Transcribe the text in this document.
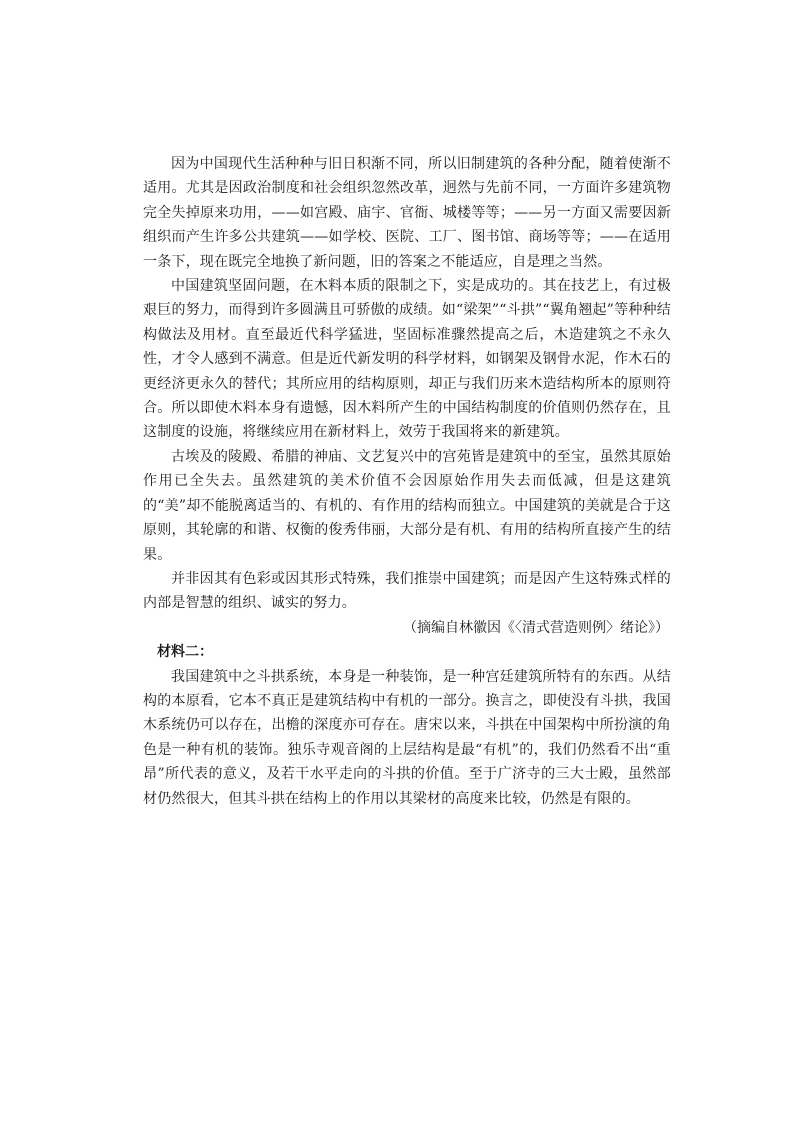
因为中国现代生活种种与旧日积渐不同，所以旧制建筑的各种分配，随着使渐不适用。尤其是因政治制度和社会组织忽然改革，迥然与先前不同，一方面许多建筑物完全失掉原来功用，——如宫殿、庙宇、官衙、城楼等等；——另一方面又需要因新组织而产生许多公共建筑——如学校、医院、工厂、图书馆、商场等等；——在适用一条下，现在既完全地换了新问题，旧的答案之不能适应，自是理之当然。

中国建筑坚固问题，在木料本质的限制之下，实是成功的。其在技艺上，有过极艰巨的努力，而得到许多圆满且可骄傲的成绩。如“梁架”“斗拱”“翼角翘起”等种种结构做法及用材。直至最近代科学猛进，坚固标准骤然提高之后，木造建筑之不永久性，才令人感到不满意。但是近代新发明的科学材料，如钢架及钢骨水泥，作木石的更经济更永久的替代；其所应用的结构原则，却正与我们历来木造结构所本的原则符合。所以即使木料本身有遗憾，因木料所产生的中国结构制度的价值则仍然存在，且这制度的设施，将继续应用在新材料上，效劳于我国将来的新建筑。

古埃及的陵殿、希腊的神庙、文艺复兴中的宫苑皆是建筑中的至宝，虽然其原始作用已全失去。虽然建筑的美术价值不会因原始作用失去而低减，但是这建筑的“美”却不能脱离适当的、有机的、有作用的结构而独立。中国建筑的美就是合于这原则，其轮廓的和谐、权衡的俊秀伟丽，大部分是有机、有用的结构所直接产生的结果。

并非因其有色彩或因其形式特殊，我们推崇中国建筑；而是因产生这特殊式样的内部是智慧的组织、诚实的努力。

（摘编自林徽因《〈清式营造则例〉绪论》）

材料二：

我国建筑中之斗拱系统，本身是一种装饰，是一种宫廷建筑所特有的东西。从结构的本原看，它本不真正是建筑结构中有机的一部分。换言之，即使没有斗拱，我国木系统仍可以存在，出檐的深度亦可存在。唐宋以来，斗拱在中国架构中所扮演的角色是一种有机的装饰。独乐寺观音阁的上层结构是最“有机”的，我们仍然看不出“重昂”所代表的意义，及若干水平走向的斗拱的价值。至于广济寺的三大士殿，虽然部材仍然很大，但其斗拱在结构上的作用以其梁材的高度来比较，仍然是有限的。
